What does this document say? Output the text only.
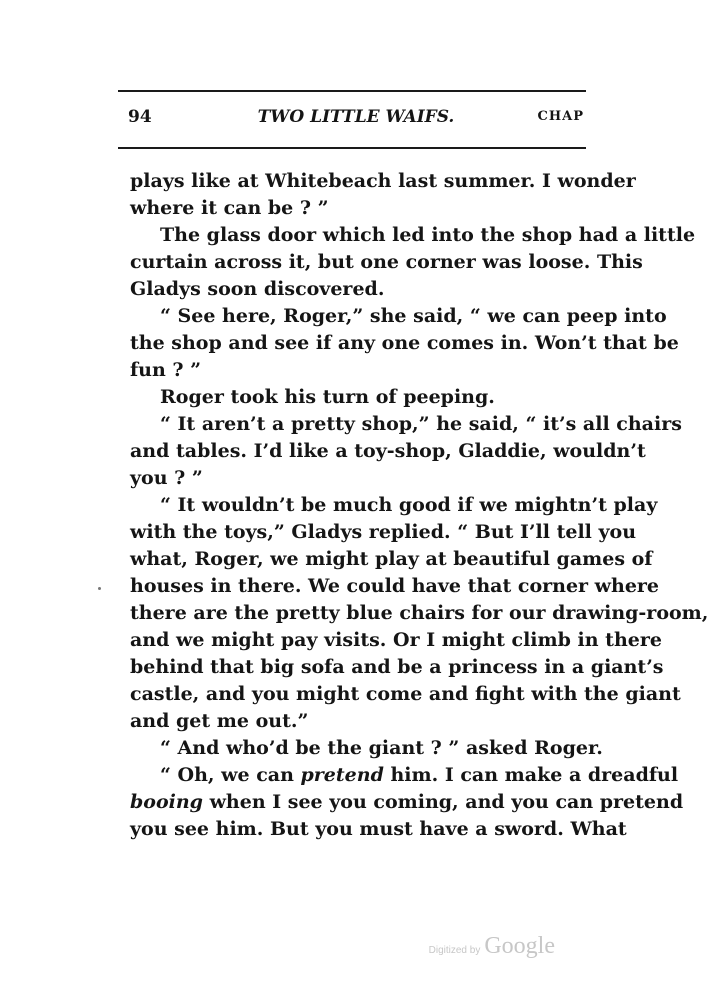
94	TWO LITTLE WAIFS.	CHAP
plays like at Whitebeach last summer. I wonder
where it can be ? ”
The glass door which led into the shop had a little
curtain across it, but one corner was loose. This
Gladys soon discovered.
“ See here, Roger,” she said, “ we can peep into
the shop and see if any one comes in. Won’t that be
fun ? ”
Roger took his turn of peeping.
“ It aren’t a pretty shop,” he said, “ it’s all chairs
and tables. I’d like a toy-shop, Gladdie, wouldn’t
you ? ”
“ It wouldn’t be much good if we mightn’t play
with the toys,” Gladys replied. “ But I’ll tell you
what, Roger, we might play at beautiful games of
houses in there. We could have that corner where
there are the pretty blue chairs for our drawing-room,
and we might pay visits. Or I might climb in there
behind that big sofa and be a princess in a giant’s
castle, and you might come and fight with the giant
and get me out.”
“ And who’d be the giant ? ” asked Roger.
“ Oh, we can pretend him. I can make a dreadful
booing when I see you coming, and you can pretend
you see him. But you must have a sword. What
Digitized by Google
